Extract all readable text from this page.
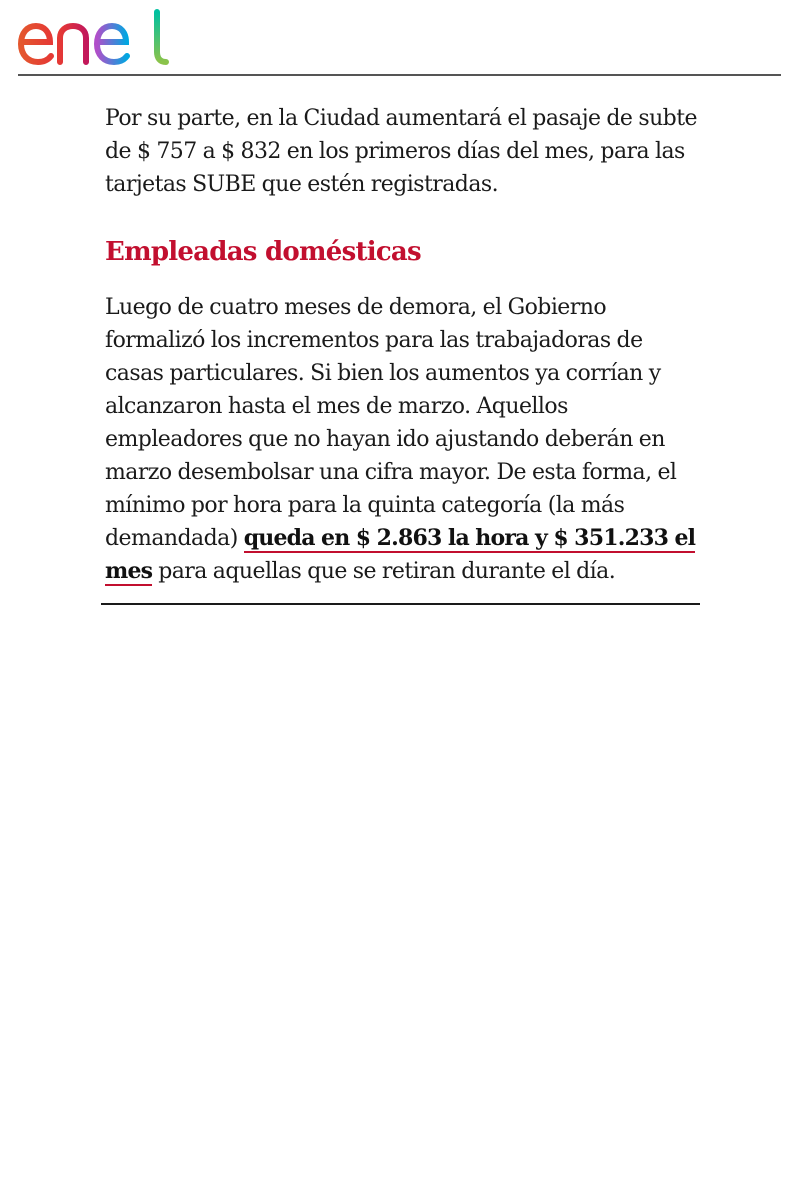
Por su parte, en la Ciudad aumentará el pasaje de subte de $ 757 a $ 832 en los primeros días del mes, para las tarjetas SUBE que estén registradas.

Empleadas domésticas

Luego de cuatro meses de demora, el Gobierno formalizó los incrementos para las trabajadoras de casas particulares. Si bien los aumentos ya corrían y alcanzaron hasta el mes de marzo. Aquellos empleadores que no hayan ido ajustando deberán en marzo desembolsar una cifra mayor. De esta forma, el mínimo por hora para la quinta categoría (la más demandada) queda en $ 2.863 la hora y $ 351.233 el mes para aquellas que se retiran durante el día.
